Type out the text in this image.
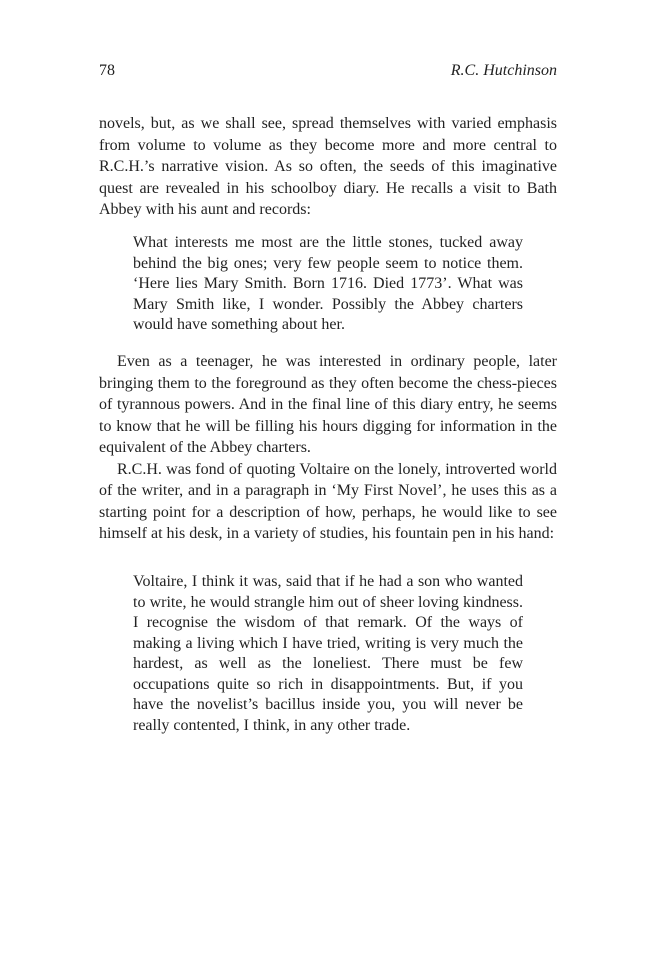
78	R.C. Hutchinson

novels, but, as we shall see, spread themselves with varied emphasis from volume to volume as they become more and more central to R.C.H.’s narrative vision. As so often, the seeds of this imaginative quest are revealed in his schoolboy diary. He recalls a visit to Bath Abbey with his aunt and records:

What interests me most are the little stones, tucked away behind the big ones; very few people seem to notice them. ‘Here lies Mary Smith. Born 1716. Died 1773’. What was Mary Smith like, I wonder. Possibly the Abbey charters would have something about her.

Even as a teenager, he was interested in ordinary people, later bringing them to the foreground as they often become the chess-pieces of tyrannous powers. And in the final line of this diary entry, he seems to know that he will be filling his hours digging for information in the equivalent of the Abbey charters.

R.C.H. was fond of quoting Voltaire on the lonely, introverted world of the writer, and in a paragraph in ‘My First Novel’, he uses this as a starting point for a description of how, perhaps, he would like to see himself at his desk, in a variety of studies, his fountain pen in his hand:

Voltaire, I think it was, said that if he had a son who wanted to write, he would strangle him out of sheer loving kindness. I recognise the wisdom of that remark. Of the ways of making a living which I have tried, writing is very much the hardest, as well as the loneliest. There must be few occupations quite so rich in disappointments. But, if you have the novelist’s bacillus inside you, you will never be really contented, I think, in any other trade.
